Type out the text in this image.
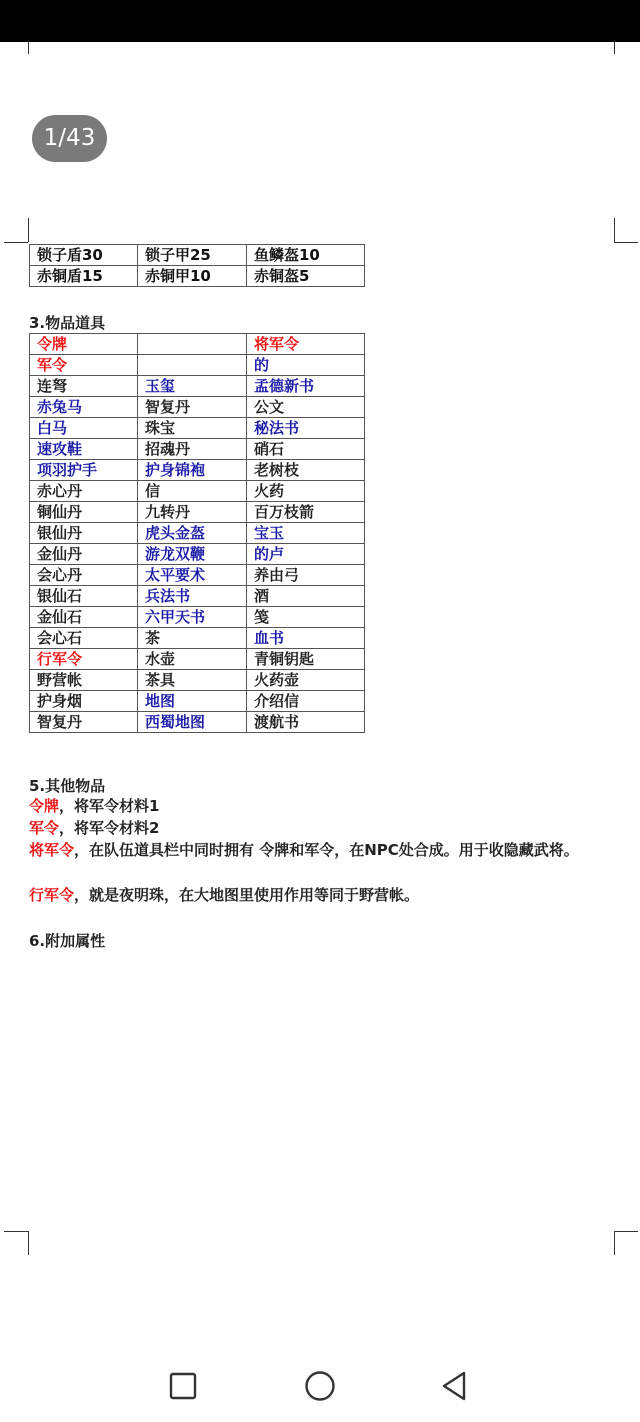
1/43
锁子盾30	锁子甲25	鱼鳞盔10
赤铜盾15	赤铜甲10	赤铜盔5
3.物品道具
令牌		将军令
军令		的
连弩	玉玺	孟德新书
赤兔马	智复丹	公文
白马	珠宝	秘法书
速攻鞋	招魂丹	硝石
项羽护手	护身锦袍	老树枝
赤心丹	信	火药
铜仙丹	九转丹	百万枝箭
银仙丹	虎头金盔	宝玉
金仙丹	游龙双鞭	的卢
会心丹	太平要术	养由弓
银仙石	兵法书	酒
金仙石	六甲天书	笺
会心石	茶	血书
行军令	水壶	青铜钥匙
野营帐	茶具	火药壶
护身烟	地图	介绍信
智复丹	西蜀地图	渡航书
5.其他物品
令牌，将军令材料1
军令，将军令材料2
将军令，在队伍道具栏中同时拥有 令牌和军令，在NPC处合成。用于收隐藏武将。
行军令，就是夜明珠，在大地图里使用作用等同于野营帐。
6.附加属性
